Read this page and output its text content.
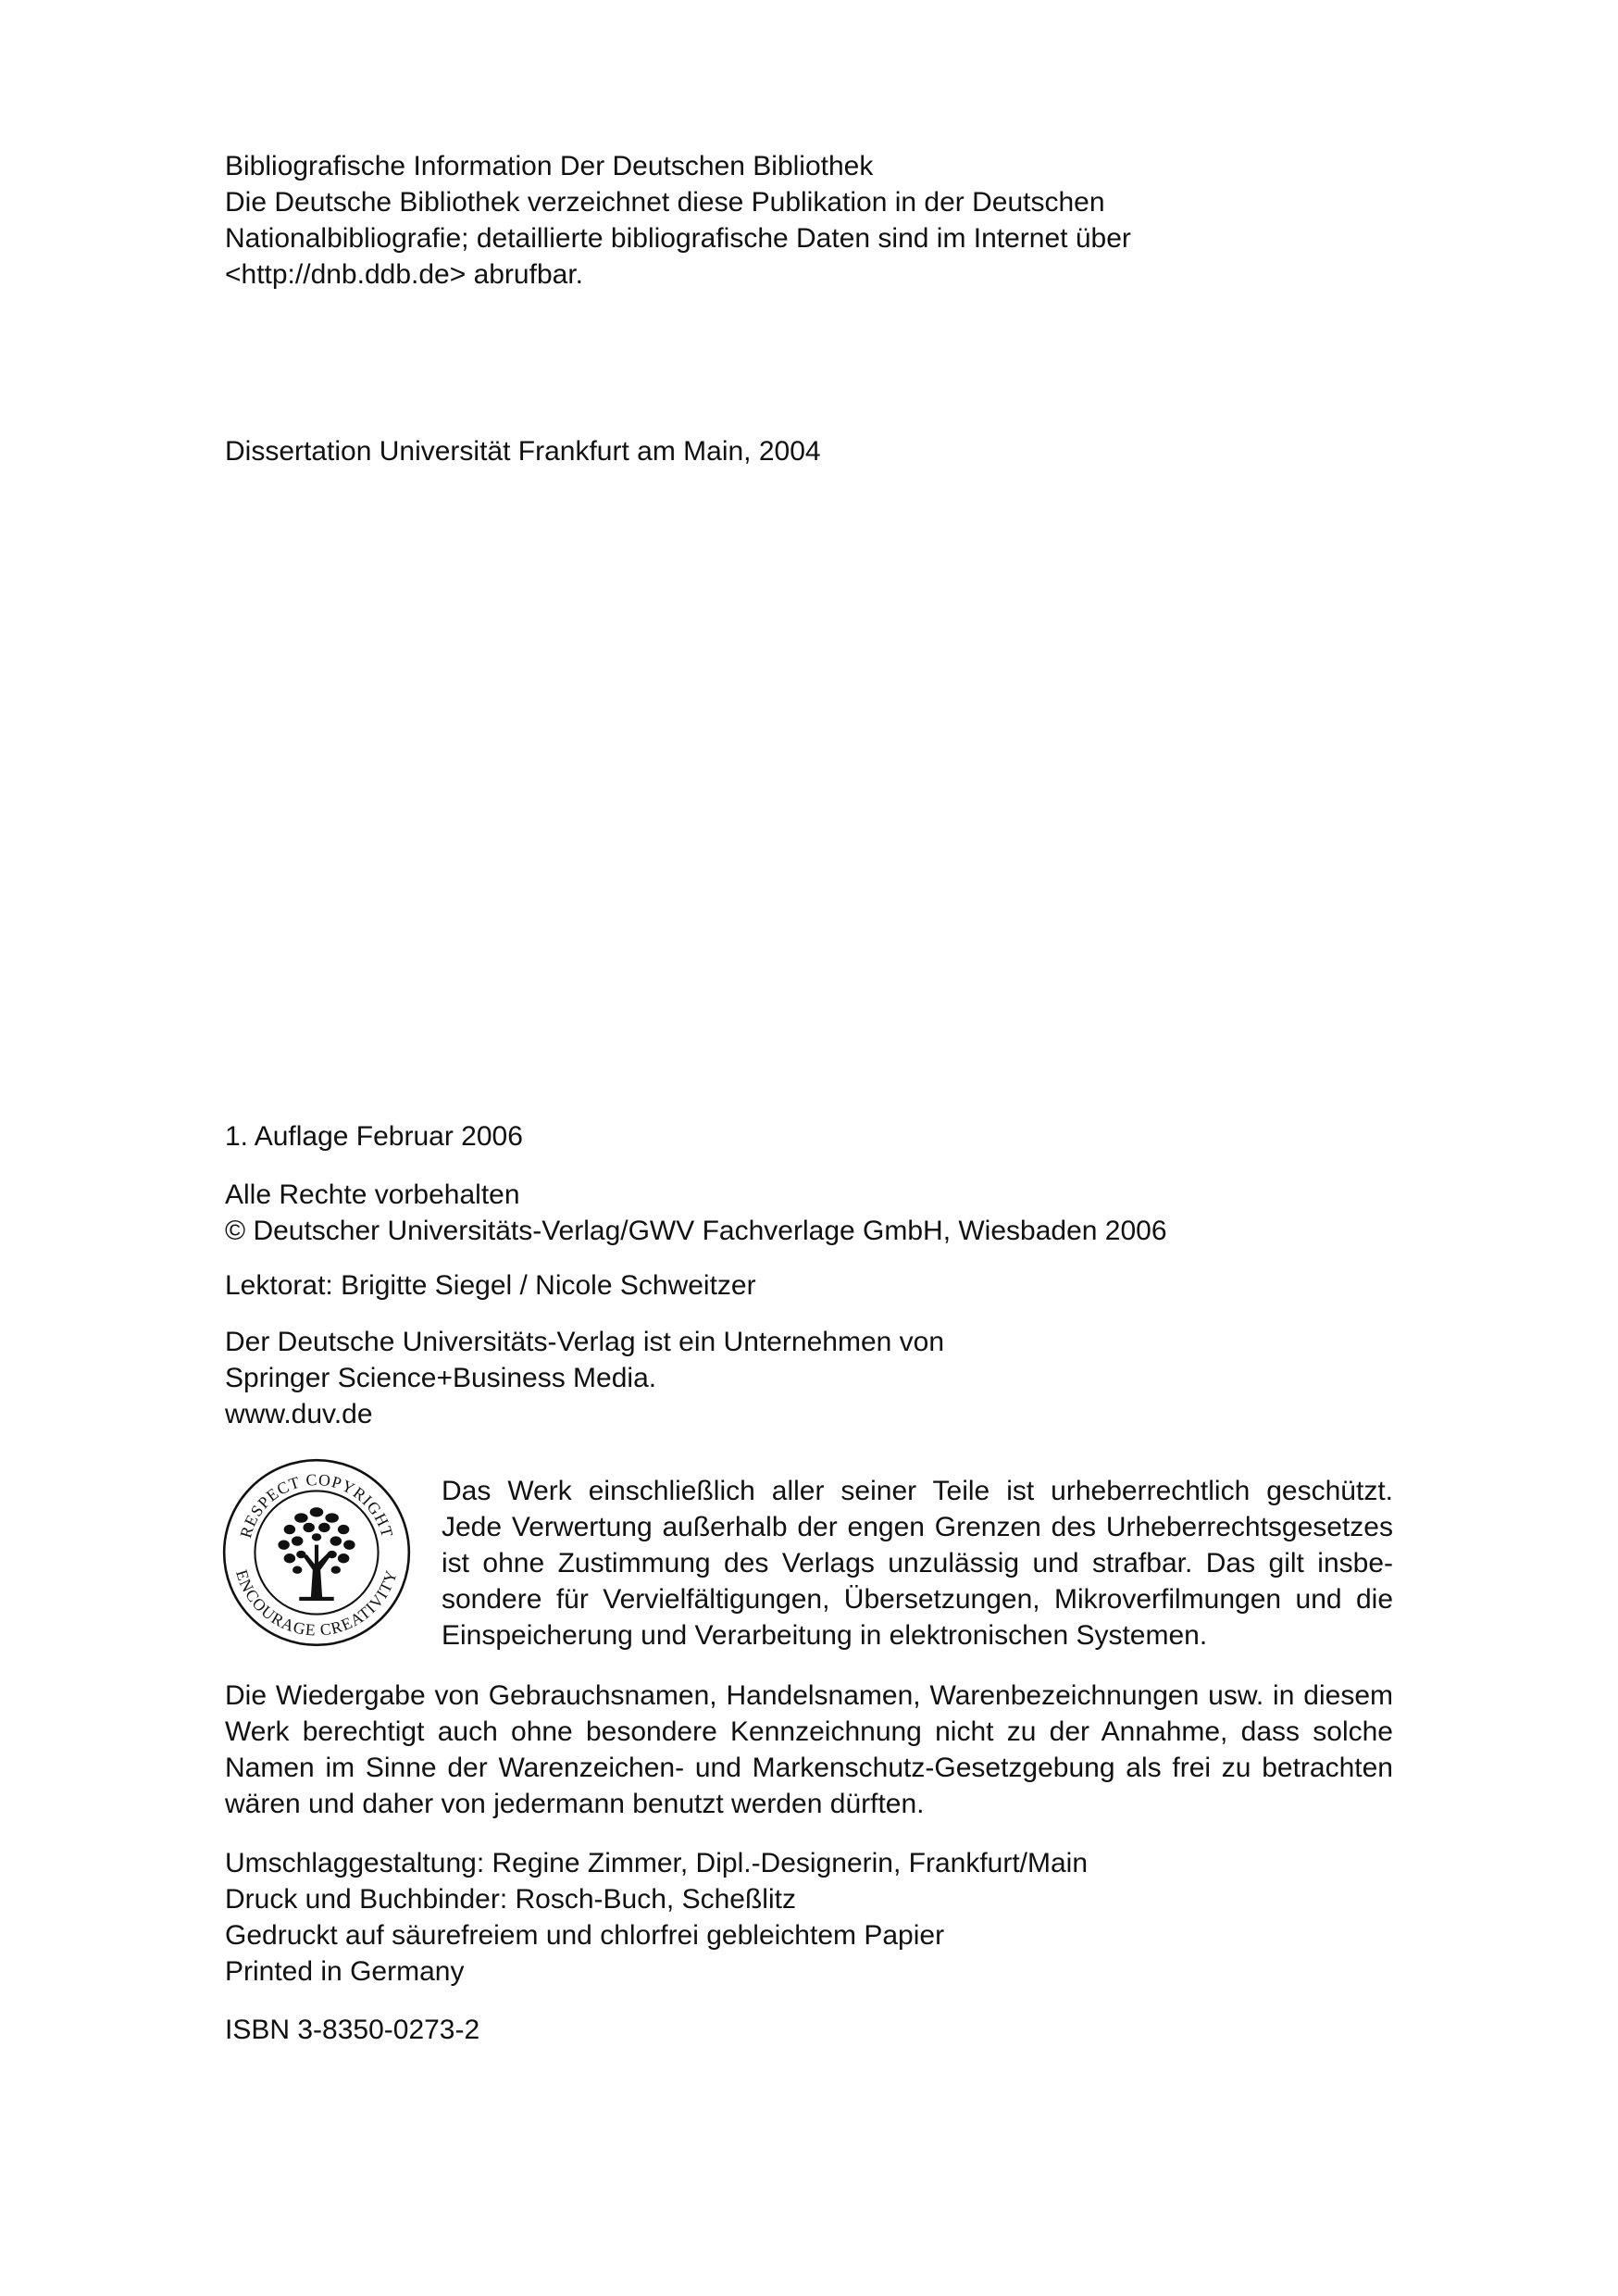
Bibliografische Information Der Deutschen Bibliothek
Die Deutsche Bibliothek verzeichnet diese Publikation in der Deutschen
Nationalbibliografie; detaillierte bibliografische Daten sind im Internet über
<http://dnb.ddb.de> abrufbar.
Dissertation Universität Frankfurt am Main, 2004
1. Auflage Februar 2006
Alle Rechte vorbehalten
© Deutscher Universitäts-Verlag/GWV Fachverlage GmbH, Wiesbaden 2006
Lektorat: Brigitte Siegel / Nicole Schweitzer
Der Deutsche Universitäts-Verlag ist ein Unternehmen von
Springer Science+Business Media.
www.duv.de
RESPECT COPYRIGHT
ENCOURAGE CREATIVITY
Das Werk einschließlich aller seiner Teile ist urheberrechtlich geschützt.
Jede Verwertung außerhalb der engen Grenzen des Urheberrechtsgesetzes
ist ohne Zustimmung des Verlags unzulässig und strafbar. Das gilt insbe-
sondere für Vervielfältigungen, Übersetzungen, Mikroverfilmungen und die
Einspeicherung und Verarbeitung in elektronischen Systemen.
Die Wiedergabe von Gebrauchsnamen, Handelsnamen, Warenbezeichnungen usw. in diesem
Werk berechtigt auch ohne besondere Kennzeichnung nicht zu der Annahme, dass solche
Namen im Sinne der Warenzeichen- und Markenschutz-Gesetzgebung als frei zu betrachten
wären und daher von jedermann benutzt werden dürften.
Umschlaggestaltung: Regine Zimmer, Dipl.-Designerin, Frankfurt/Main
Druck und Buchbinder: Rosch-Buch, Scheßlitz
Gedruckt auf säurefreiem und chlorfrei gebleichtem Papier
Printed in Germany
ISBN 3-8350-0273-2
